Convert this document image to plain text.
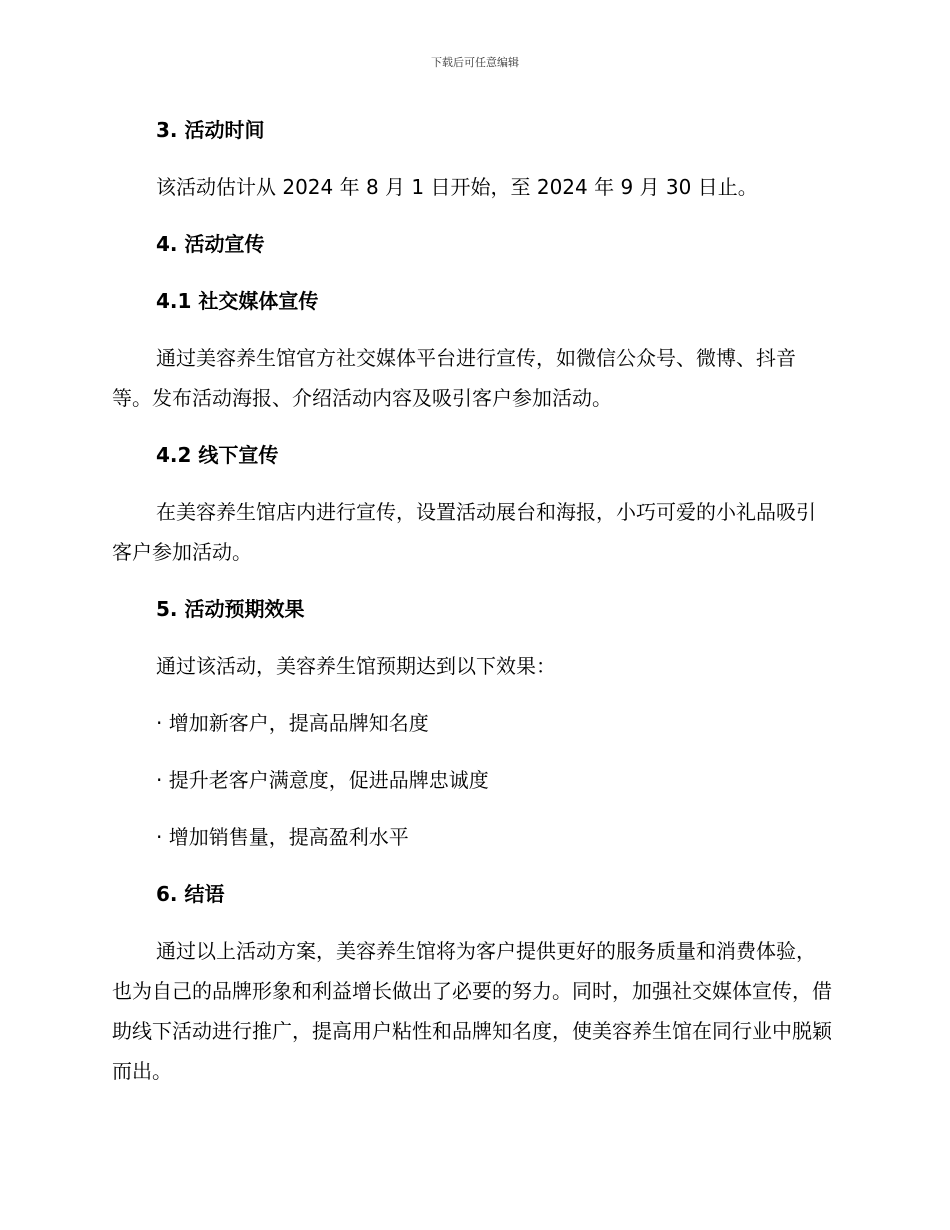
下载后可任意编辑
3. 活动时间
该活动估计从 2024 年 8 月 1 日开始，至 2024 年 9 月 30 日止。
4. 活动宣传
4.1 社交媒体宣传
通过美容养生馆官方社交媒体平台进行宣传，如微信公众号、微博、抖音等。发布活动海报、介绍活动内容及吸引客户参加活动。
4.2 线下宣传
在美容养生馆店内进行宣传，设置活动展台和海报，小巧可爱的小礼品吸引客户参加活动。
5. 活动预期效果
通过该活动，美容养生馆预期达到以下效果：
· 增加新客户，提高品牌知名度
· 提升老客户满意度，促进品牌忠诚度
· 增加销售量，提高盈利水平
6. 结语
通过以上活动方案，美容养生馆将为客户提供更好的服务质量和消费体验，也为自己的品牌形象和利益增长做出了必要的努力。同时，加强社交媒体宣传，借助线下活动进行推广，提高用户粘性和品牌知名度，使美容养生馆在同行业中脱颖而出。
